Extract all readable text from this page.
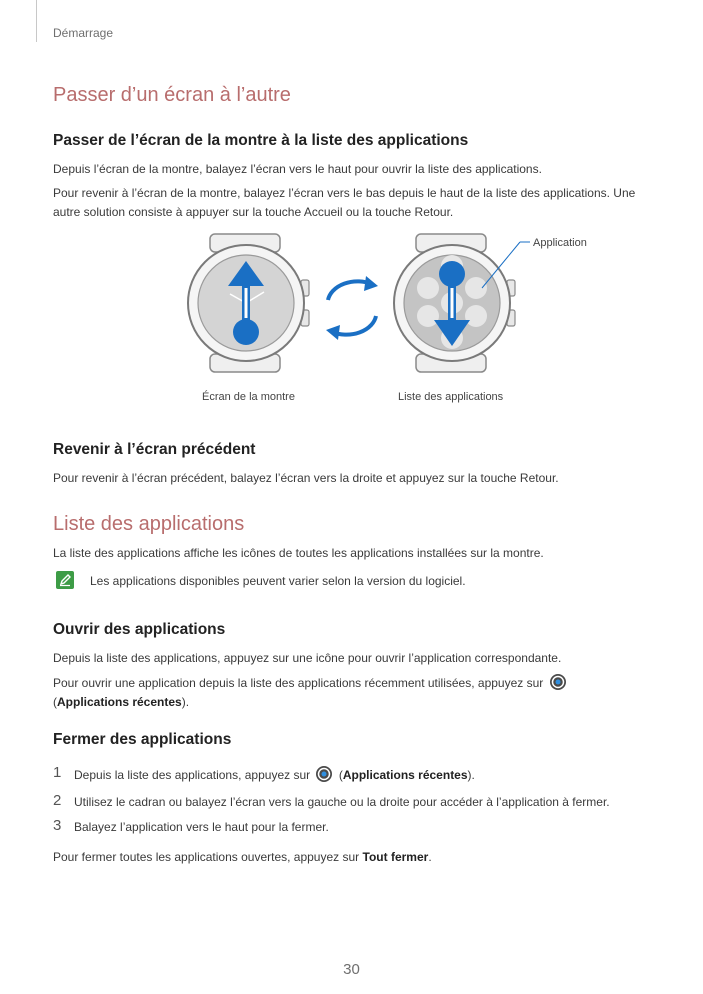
Démarrage
Passer d’un écran à l’autre
Passer de l’écran de la montre à la liste des applications
Depuis l’écran de la montre, balayez l’écran vers le haut pour ouvrir la liste des applications.
Pour revenir à l’écran de la montre, balayez l’écran vers le bas depuis le haut de la liste des applications. Une autre solution consiste à appuyer sur la touche Accueil ou la touche Retour.
Application
Écran de la montre	Liste des applications
Revenir à l’écran précédent
Pour revenir à l’écran précédent, balayez l’écran vers la droite et appuyez sur la touche Retour.
Liste des applications
La liste des applications affiche les icônes de toutes les applications installées sur la montre.
Les applications disponibles peuvent varier selon la version du logiciel.
Ouvrir des applications
Depuis la liste des applications, appuyez sur une icône pour ouvrir l’application correspondante.
Pour ouvrir une application depuis la liste des applications récemment utilisées, appuyez sur
(Applications récentes).
Fermer des applications
1 Depuis la liste des applications, appuyez sur  (Applications récentes).
2 Utilisez le cadran ou balayez l’écran vers la gauche ou la droite pour accéder à l’application à fermer.
3 Balayez l’application vers le haut pour la fermer.
Pour fermer toutes les applications ouvertes, appuyez sur Tout fermer.
30
